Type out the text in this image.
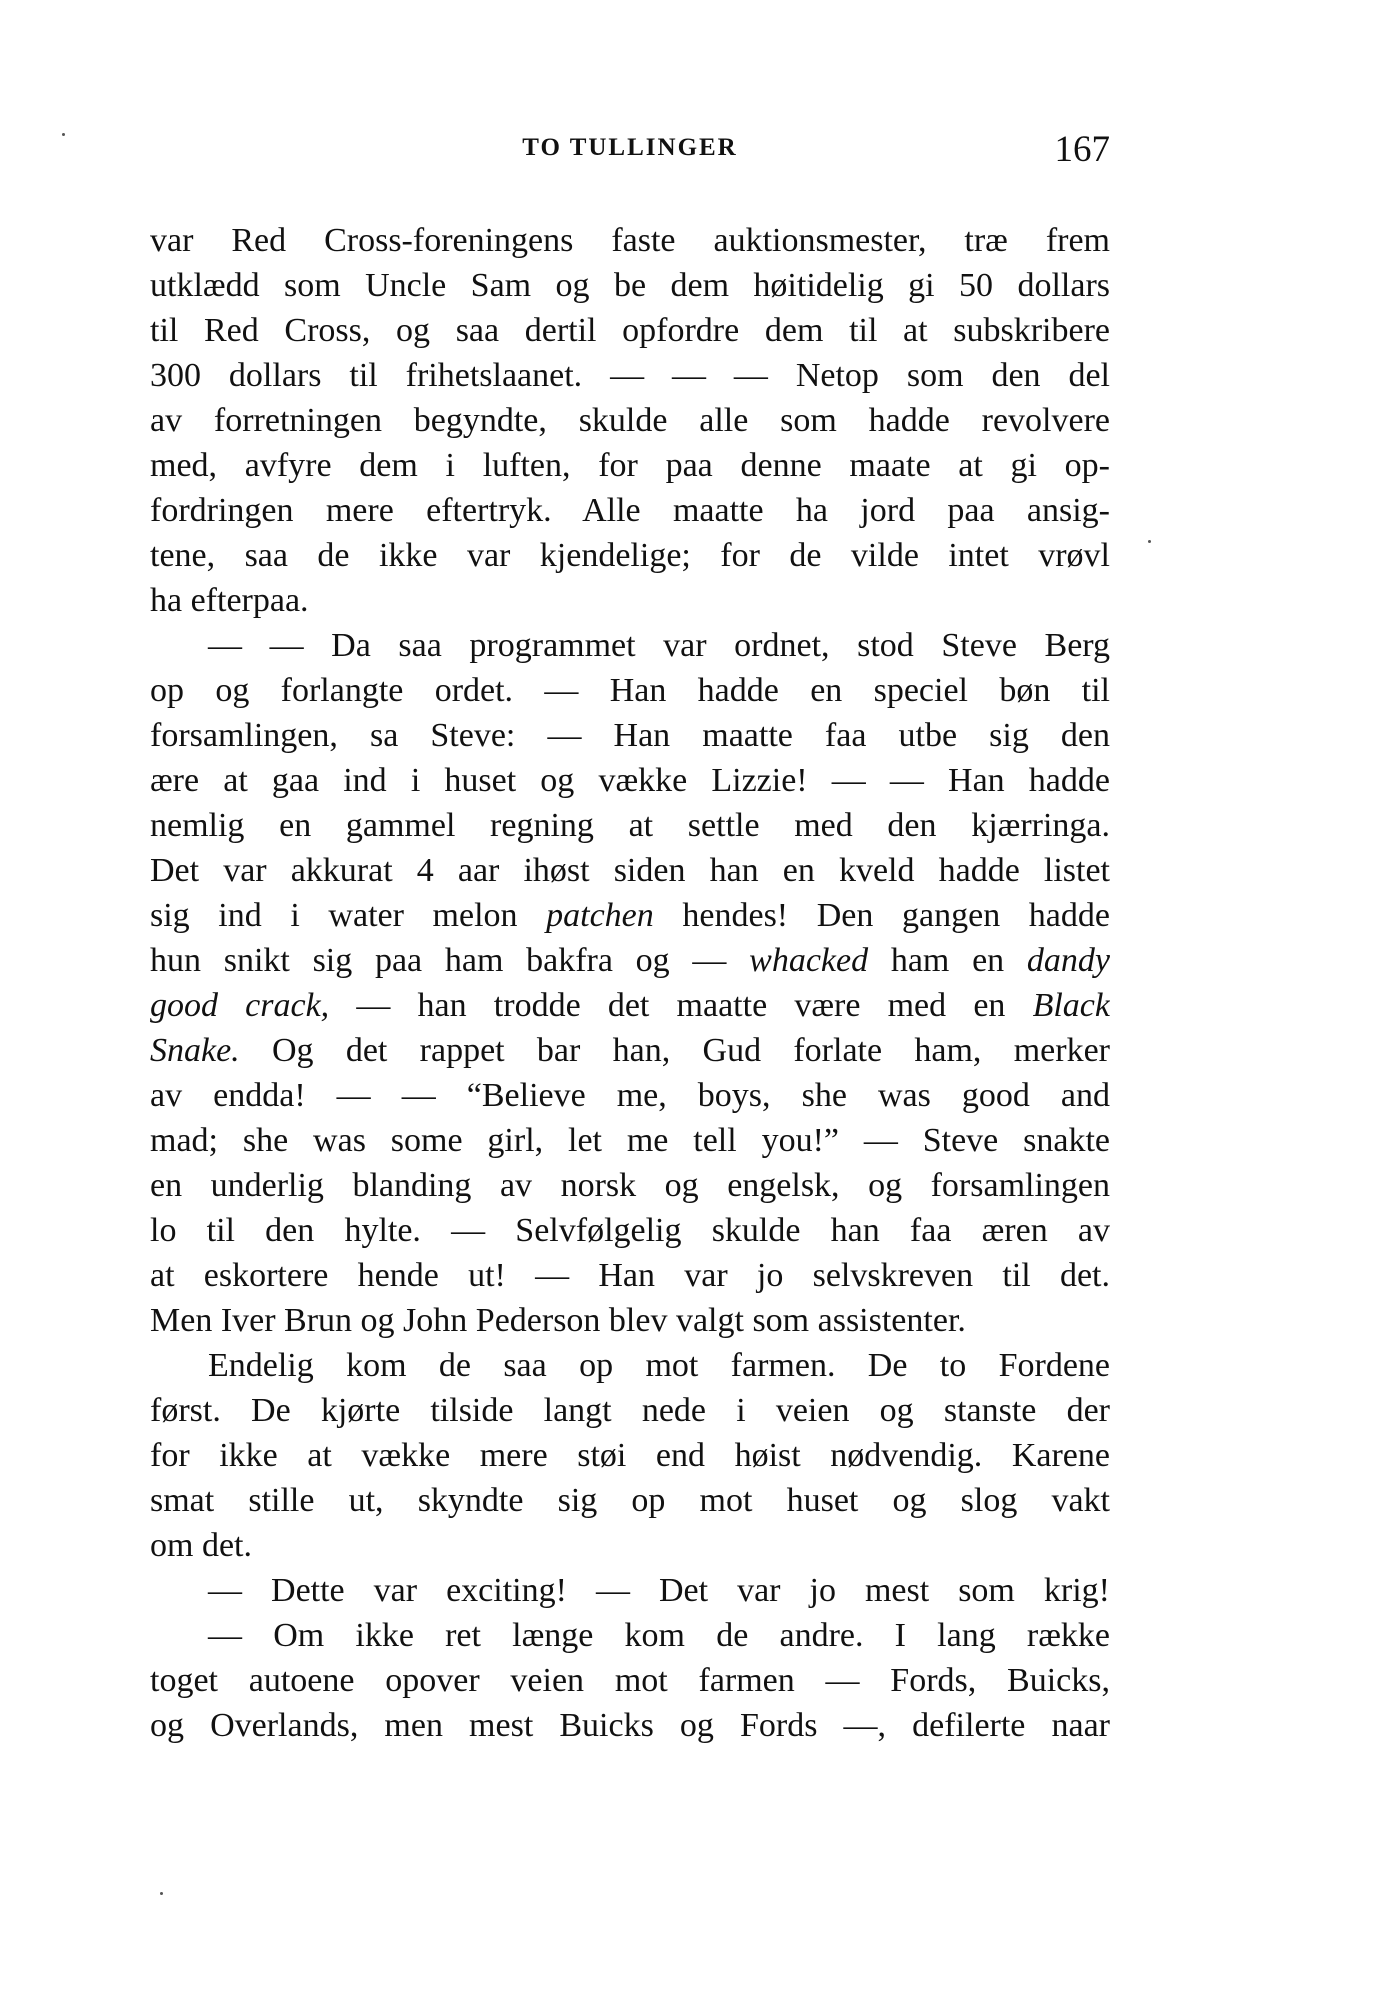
TO TULLINGER	167
var Red Cross-foreningens faste auktionsmester, træ frem
utklædd som Uncle Sam og be dem høitidelig gi 50 dollars
til Red Cross, og saa dertil opfordre dem til at subskribere
300 dollars til frihetslaanet. — — — Netop som den del
av forretningen begyndte, skulde alle som hadde revolvere
med, avfyre dem i luften, for paa denne maate at gi op-
fordringen mere eftertryk. Alle maatte ha jord paa ansig-
tene, saa de ikke var kjendelige; for de vilde intet vrøvl
ha efterpaa.
— — Da saa programmet var ordnet, stod Steve Berg
op og forlangte ordet. — Han hadde en speciel bøn til
forsamlingen, sa Steve: — Han maatte faa utbe sig den
ære at gaa ind i huset og vække Lizzie! — — Han hadde
nemlig en gammel regning at settle med den kjærringa.
Det var akkurat 4 aar ihøst siden han en kveld hadde listet
sig ind i water melon patchen hendes! Den gangen hadde
hun snikt sig paa ham bakfra og — whacked ham en dandy
good crack, — han trodde det maatte være med en Black
Snake. Og det rappet bar han, Gud forlate ham, merker
av endda! — — “Believe me, boys, she was good and
mad; she was some girl, let me tell you!” — Steve snakte
en underlig blanding av norsk og engelsk, og forsamlingen
lo til den hylte. — Selvfølgelig skulde han faa æren av
at eskortere hende ut! — Han var jo selvskreven til det.
Men Iver Brun og John Pederson blev valgt som assistenter.
Endelig kom de saa op mot farmen. De to Fordene
først. De kjørte tilside langt nede i veien og stanste der
for ikke at vække mere støi end høist nødvendig. Karene
smat stille ut, skyndte sig op mot huset og slog vakt
om det.
— Dette var exciting! — Det var jo mest som krig!
— Om ikke ret længe kom de andre. I lang række
toget autoene opover veien mot farmen — Fords, Buicks,
og Overlands, men mest Buicks og Fords —, defilerte naar
